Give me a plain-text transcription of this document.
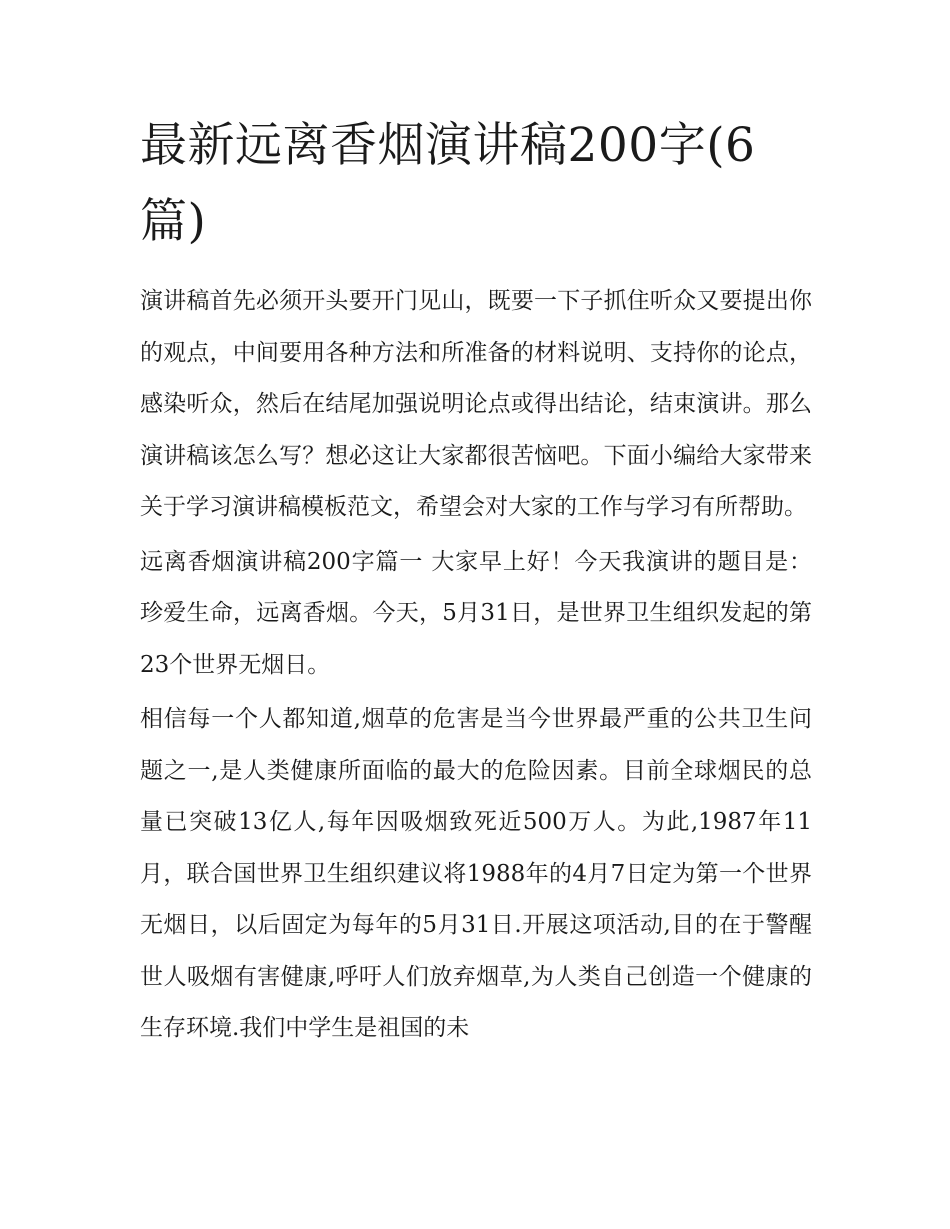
最新远离香烟演讲稿200字(6篇)

演讲稿首先必须开头要开门见山，既要一下子抓住听众又要提出你的观点，中间要用各种方法和所准备的材料说明、支持你的论点，感染听众，然后在结尾加强说明论点或得出结论，结束演讲。那么演讲稿该怎么写？想必这让大家都很苦恼吧。下面小编给大家带来关于学习演讲稿模板范文，希望会对大家的工作与学习有所帮助。

远离香烟演讲稿200字篇一 大家早上好！今天我演讲的题目是：珍爱生命，远离香烟。今天，5月31日，是世界卫生组织发起的第23个世界无烟日。

相信每一个人都知道,烟草的危害是当今世界最严重的公共卫生问题之一,是人类健康所面临的最大的危险因素。目前全球烟民的总量已突破13亿人,每年因吸烟致死近500万人。为此,1987年11月，联合国世界卫生组织建议将1988年的4月7日定为第一个世界无烟日，以后固定为每年的5月31日.开展这项活动,目的在于警醒世人吸烟有害健康,呼吁人们放弃烟草,为人类自己创造一个健康的生存环境.我们中学生是祖国的未
